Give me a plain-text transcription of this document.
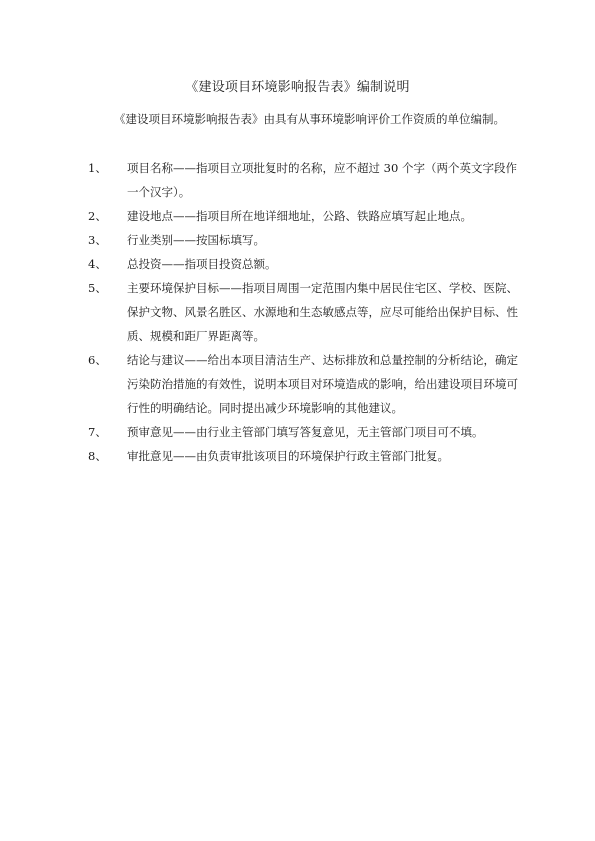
《建设项目环境影响报告表》编制说明
《建设项目环境影响报告表》由具有从事环境影响评价工作资质的单位编制。
1、	项目名称——指项目立项批复时的名称，应不超过 30 个字（两个英文字段作一个汉字）。
2、	建设地点——指项目所在地详细地址，公路、铁路应填写起止地点。
3、	行业类别——按国标填写。
4、	总投资——指项目投资总额。
5、	主要环境保护目标——指项目周围一定范围内集中居民住宅区、学校、医院、保护文物、风景名胜区、水源地和生态敏感点等，应尽可能给出保护目标、性质、规模和距厂界距离等。
6、	结论与建议——给出本项目清洁生产、达标排放和总量控制的分析结论，确定污染防治措施的有效性，说明本项目对环境造成的影响，给出建设项目环境可行性的明确结论。同时提出减少环境影响的其他建议。
7、	预审意见——由行业主管部门填写答复意见，无主管部门项目可不填。
8、	审批意见——由负责审批该项目的环境保护行政主管部门批复。
